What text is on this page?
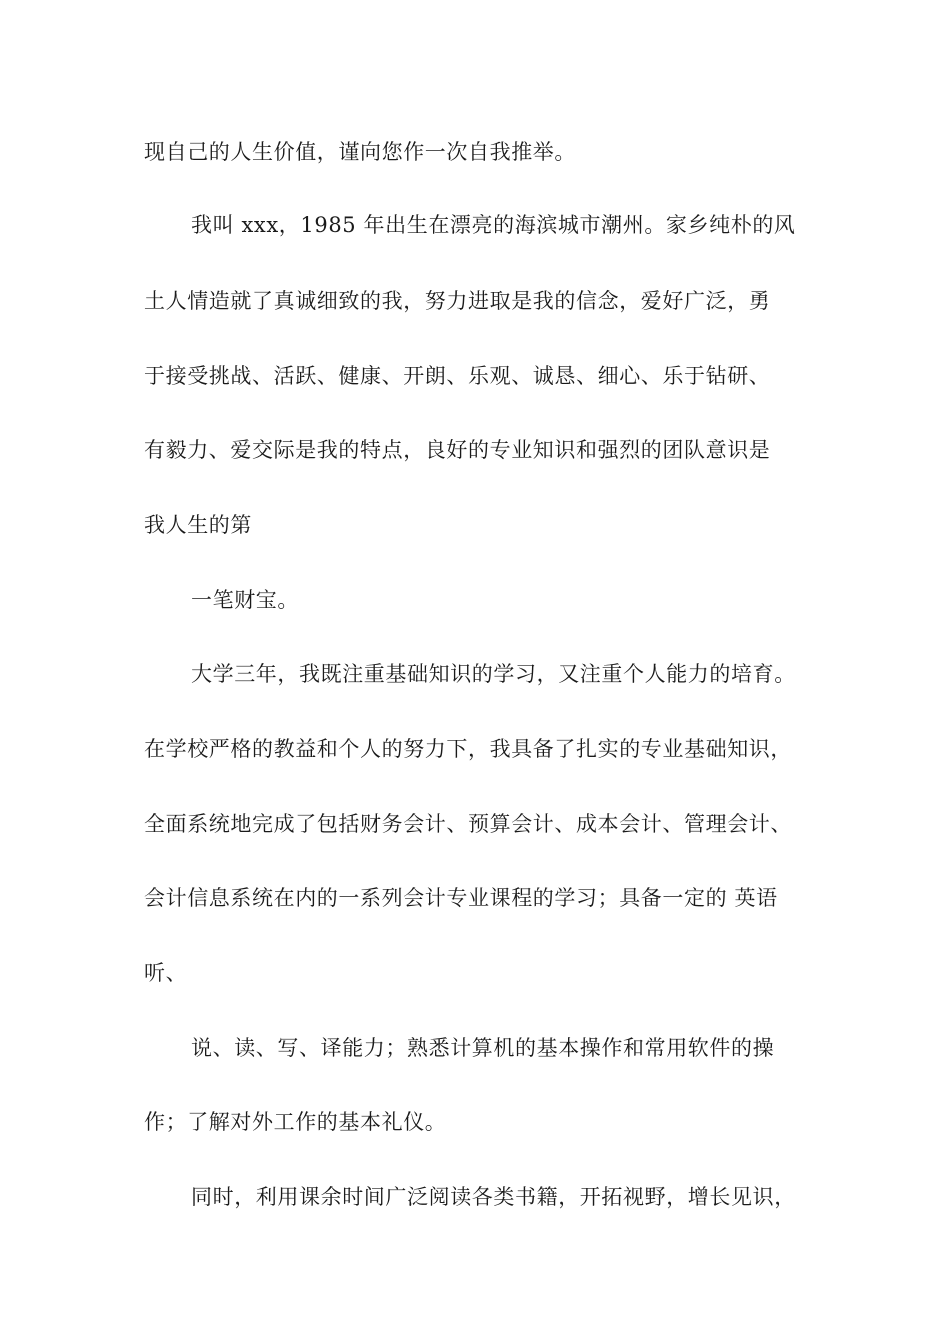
现自己的人生价值，谨向您作一次自我推举。
我叫 xxx，1985 年出生在漂亮的海滨城市潮州。家乡纯朴的风
土人情造就了真诚细致的我，努力进取是我的信念，爱好广泛，勇
于接受挑战、活跃、健康、开朗、乐观、诚恳、细心、乐于钻研、
有毅力、爱交际是我的特点，良好的专业知识和强烈的团队意识是
我人生的第
一笔财宝。
大学三年，我既注重基础知识的学习，又注重个人能力的培育。
在学校严格的教益和个人的努力下，我具备了扎实的专业基础知识，
全面系统地完成了包括财务会计、预算会计、成本会计、管理会计、
会计信息系统在内的一系列会计专业课程的学习；具备一定的 英语
听、
说、读、写、译能力；熟悉计算机的基本操作和常用软件的操
作；了解对外工作的基本礼仪。
同时，利用课余时间广泛阅读各类书籍，开拓视野，增长见识，
